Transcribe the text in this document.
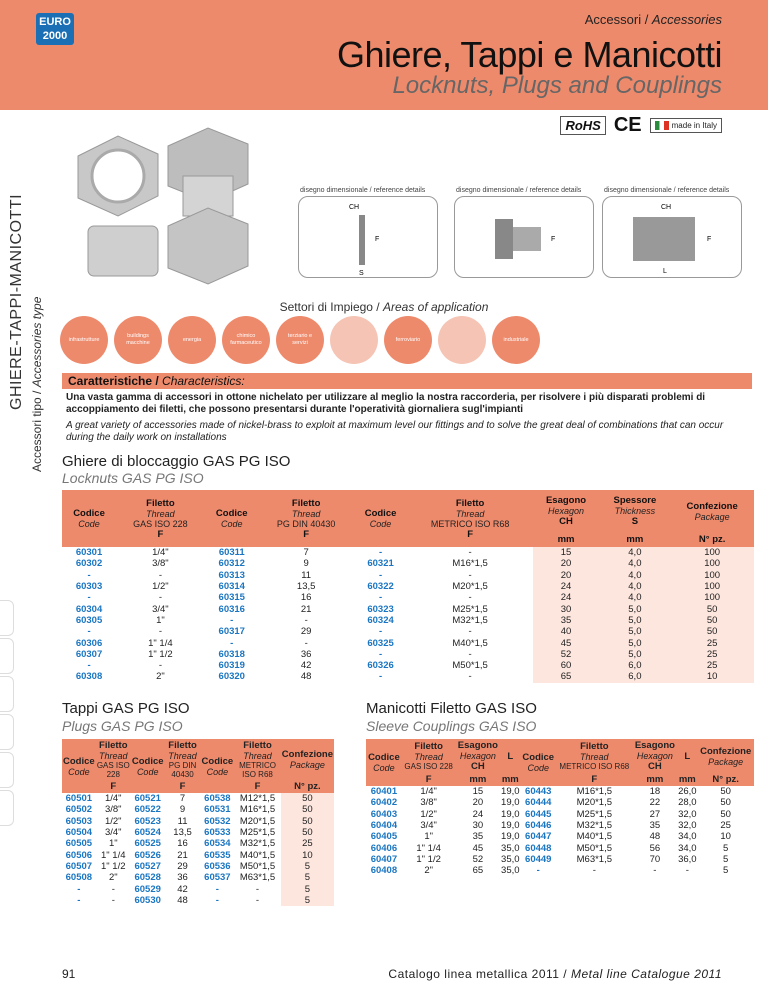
EURO
2000
Accessori / Accessories
Ghiere, Tappi e Manicotti
Locknuts, Plugs and Couplings
GHIERE-TAPPI-MANICOTTI
Accessori tipo / Accessories type
RoHS CE	made in Italy
disegno dimensionale / reference details	disegno dimensionale / reference details	disegno dimensionale / reference details
CH
F
S
F
CH
F
L
Settori di Impiego / Areas of application
infrastrutture
buildings macchine
energia
chimico farmaceutico
terziario e servizi
ferroviario	industriale
Caratteristiche / Characteristics:
Una vasta gamma di accessori in ottone nichelato per utilizzare al meglio la nostra raccorderia, per risolvere i più disparati problemi di accoppiamento dei filetti, che possono presentarsi durante l'operatività giornaliera sugl'impianti
A great variety of accessories made of nickel-brass to exploit at maximum level our fittings and to solve the great deal of combinations that can occur during the daily work on installations
Ghiere di bloccaggio GAS PG ISO
Locknuts GAS PG ISO
Codice
Code	Filetto
Thread
GAS ISO 228
F	Codice
Code	Filetto
Thread
PG DIN 40430
F	Codice
Code	Filetto
Thread
METRICO ISO R68
F	Esagono
Hexagon
CH	Spessore
Thickness
S	Confezione
Package

						mm	mm	N° pz.
60301	1/4"	60311	7	-	-	15	4,0	100
60302	3/8"	60312	9	60321	M16*1,5	20	4,0	100
-	-	60313	11	-	-	20	4,0	100
60303	1/2"	60314	13,5	60322	M20*1,5	24	4,0	100
-	-	60315	16	-	-	24	4,0	100
60304	3/4"	60316	21	60323	M25*1,5	30	5,0	50
60305	1"	-	-	60324	M32*1,5	35	5,0	50
-	-	60317	29	-	-	40	5,0	50
60306	1" 1/4	-	-	60325	M40*1,5	45	5,0	25
60307	1" 1/2	60318	36	-	-	52	5,0	25
-	-	60319	42	60326	M50*1,5	60	6,0	25
60308	2"	60320	48	-	-	65	6,0	10
Tappi GAS PG ISO
Plugs GAS PG ISO
Codice
Code	Filetto
Thread
GAS ISO 228	Codice
Code	Filetto
Thread
PG DIN 40430	Codice
Code	Filetto
Thread
METRICO ISO R68	Confezione
Package

	F		F		F	N° pz.
60501	1/4"	60521	7	60538	M12*1,5	50
60502	3/8"	60522	9	60531	M16*1,5	50
60503	1/2"	60523	11	60532	M20*1,5	50
60504	3/4"	60524	13,5	60533	M25*1,5	50
60505	1"	60525	16	60534	M32*1,5	25
60506	1" 1/4	60526	21	60535	M40*1,5	10
60507	1" 1/2	60527	29	60536	M50*1,5	5
60508	2"	60528	36	60537	M63*1,5	5
-	-	60529	42	-	-	5
-	-	60530	48	-	-	5
Manicotti Filetto GAS ISO
Sleeve Couplings GAS ISO
Codice
Code	Filetto
Thread
GAS ISO 228	Esagono
Hexagon
CH	L	Codice
Code	Filetto
Thread
METRICO ISO R68	Esagono
Hexagon
CH	L	Confezione
Package

	F	mm	mm		F	mm	mm	N° pz.
60401	1/4"	15	19,0	60443	M16*1,5	18	26,0	50
60402	3/8"	20	19,0	60444	M20*1,5	22	28,0	50
60403	1/2"	24	19,0	60445	M25*1,5	27	32,0	50
60404	3/4"	30	19,0	60446	M32*1,5	35	32,0	25
60405	1"	35	19,0	60447	M40*1,5	48	34,0	10
60406	1" 1/4	45	35,0	60448	M50*1,5	56	34,0	5
60407	1" 1/2	52	35,0	60449	M63*1,5	70	36,0	5
60408	2"	65	35,0	-	-	-	-	5
91	Catalogo linea metallica 2011 / Metal line Catalogue 2011
